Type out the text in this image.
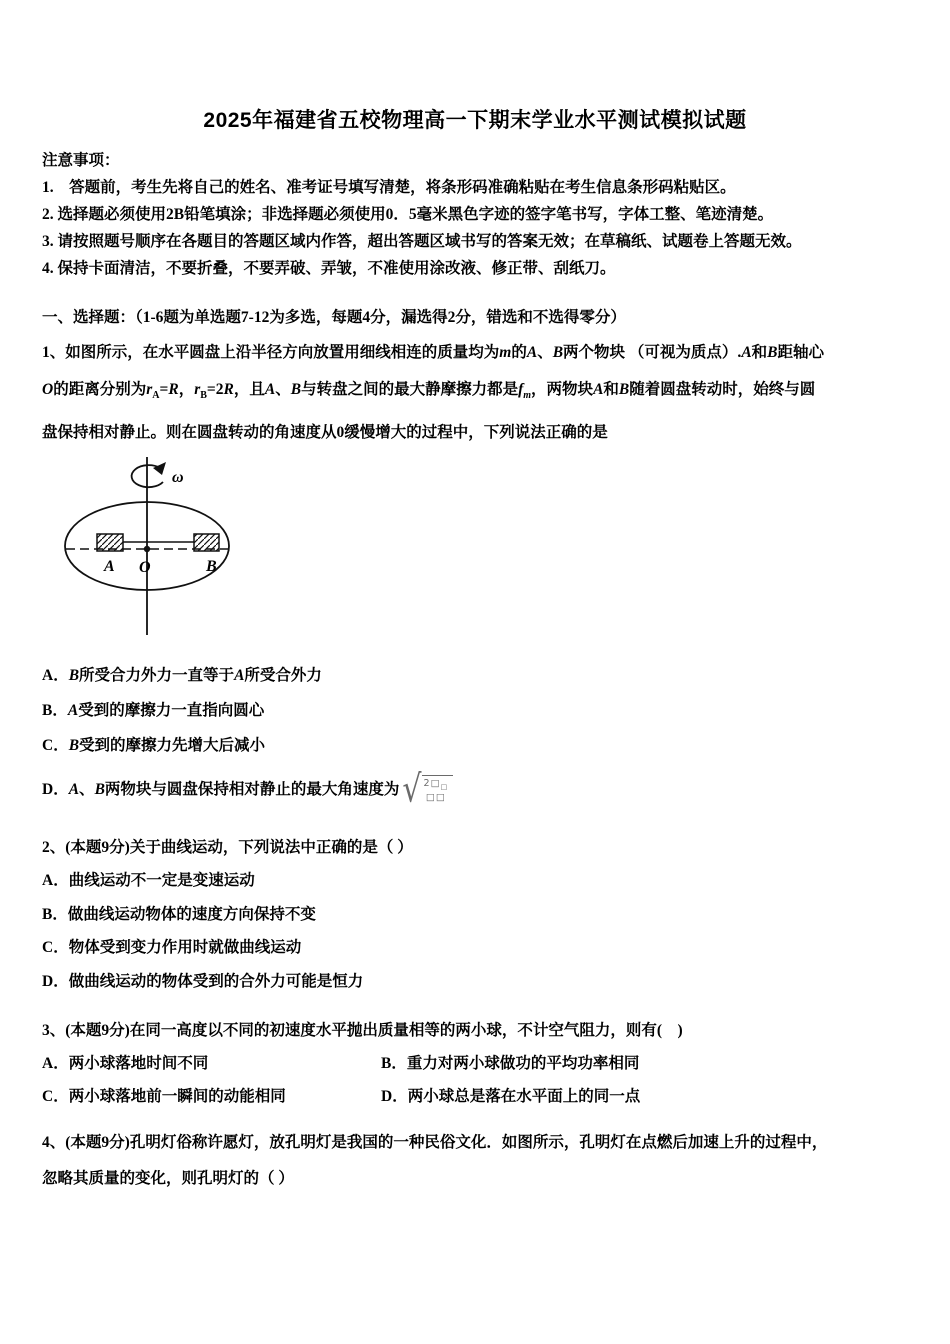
2025年福建省五校物理高一下期末学业水平测试模拟试题
注意事项：
1.　答题前，考生先将自己的姓名、准考证号填写清楚，将条形码准确粘贴在考生信息条形码粘贴区。
2. 选择题必须使用2B铅笔填涂；非选择题必须使用0．5毫米黑色字迹的签字笔书写，字体工整、笔迹清楚。
3. 请按照题号顺序在各题目的答题区域内作答，超出答题区域书写的答案无效；在草稿纸、试题卷上答题无效。
4. 保持卡面清洁，不要折叠，不要弄破、弄皱，不准使用涂改液、修正带、刮纸刀。
一、选择题：（1-6题为单选题7-12为多选，每题4分，漏选得2分，错选和不选得零分）
1、如图所示，在水平圆盘上沿半径方向放置用细线相连的质量均为m的A、B两个物块 （可视为质点）.A和B距轴心
O的距离分别为$r_A=R$，$r_B=2R$，且A、B与转盘之间的最大静摩擦力都是$f_m$，两物块A和B随着圆盘转动时，始终与圆
盘保持相对静止。则在圆盘转动的角速度从0缓慢增大的过程中，下列说法正确的是
ω
A O	B
A．B所受合力外力一直等于A所受合外力
B．A受到的摩擦力一直指向圆心
C．B受到的摩擦力先增大后减小
D．A、B两物块与圆盘保持相对静止的最大角速度为 √ $2□_□$
□□
2、(本题9分)关于曲线运动，下列说法中正确的是（ ）
A．曲线运动不一定是变速运动
B．做曲线运动物体的速度方向保持不变
C．物体受到变力作用时就做曲线运动
D．做曲线运动的物体受到的合外力可能是恒力
3、(本题9分)在同一高度以不同的初速度水平抛出质量相等的两小球，不计空气阻力，则有(　)
A．两小球落地时间不同	B．重力对两小球做功的平均功率相同
C．两小球落地前一瞬间的动能相同	D．两小球总是落在水平面上的同一点
4、(本题9分)孔明灯俗称许愿灯，放孔明灯是我国的一种民俗文化．如图所示，孔明灯在点燃后加速上升的过程中，
忽略其质量的变化，则孔明灯的（ ）
